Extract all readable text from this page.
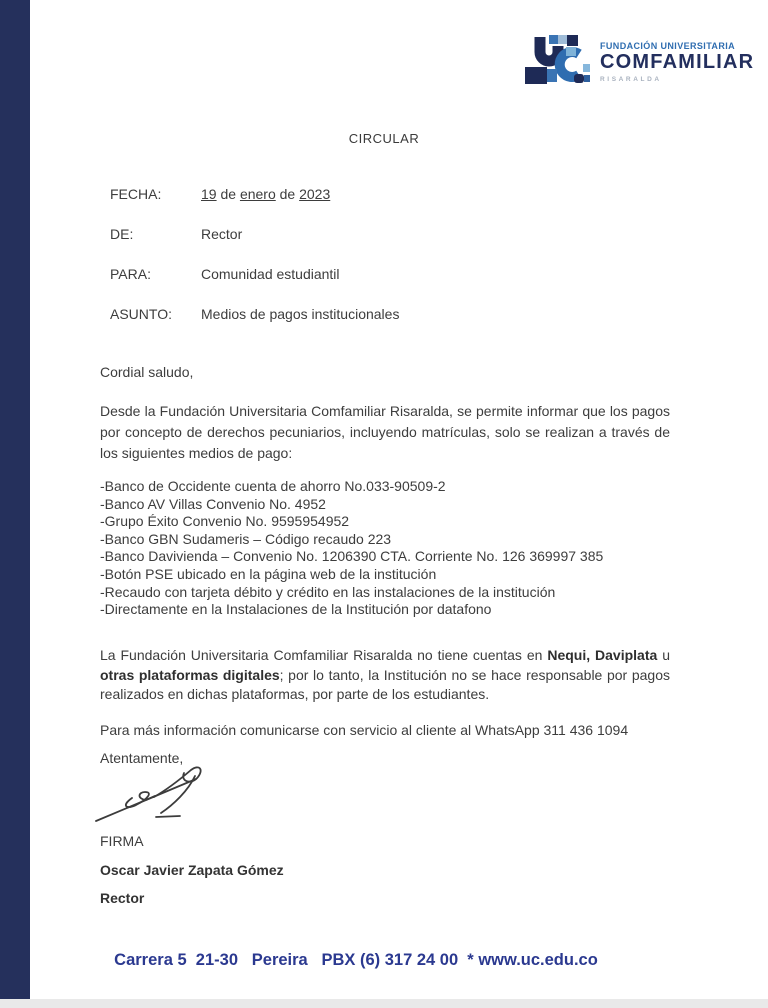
FUNDACIÓN UNIVERSITARIA
COMFAMILIAR
RISARALDA
CIRCULAR
FECHA:	19 de enero de 2023
DE:	Rector
PARA:	Comunidad estudiantil
ASUNTO:	Medios de pagos institucionales
Cordial saludo,
Desde la Fundación Universitaria Comfamiliar Risaralda, se permite informar que los pagos por concepto de derechos pecuniarios, incluyendo matrículas, solo se realizan a través de los siguientes medios de pago:
-Banco de Occidente cuenta de ahorro No.033-90509-2
-Banco AV Villas Convenio No. 4952
-Grupo Éxito Convenio No. 9595954952
-Banco GBN Sudameris – Código recaudo 223
-Banco Davivienda – Convenio No. 1206390 CTA. Corriente No. 126 369997 385
-Botón PSE ubicado en la página web de la institución
-Recaudo con tarjeta débito y crédito en las instalaciones de la institución
-Directamente en la Instalaciones de la Institución por datafono
La Fundación Universitaria Comfamiliar Risaralda no tiene cuentas en Nequi, Daviplata u otras plataformas digitales; por lo tanto, la Institución no se hace responsable por pagos realizados en dichas plataformas, por parte de los estudiantes.
Para más información comunicarse con servicio al cliente al WhatsApp 311 436 1094
Atentamente,
FIRMA
Oscar Javier Zapata Gómez
Rector
Carrera 5  21-30   Pereira   PBX (6) 317 24 00  * www.uc.edu.co
